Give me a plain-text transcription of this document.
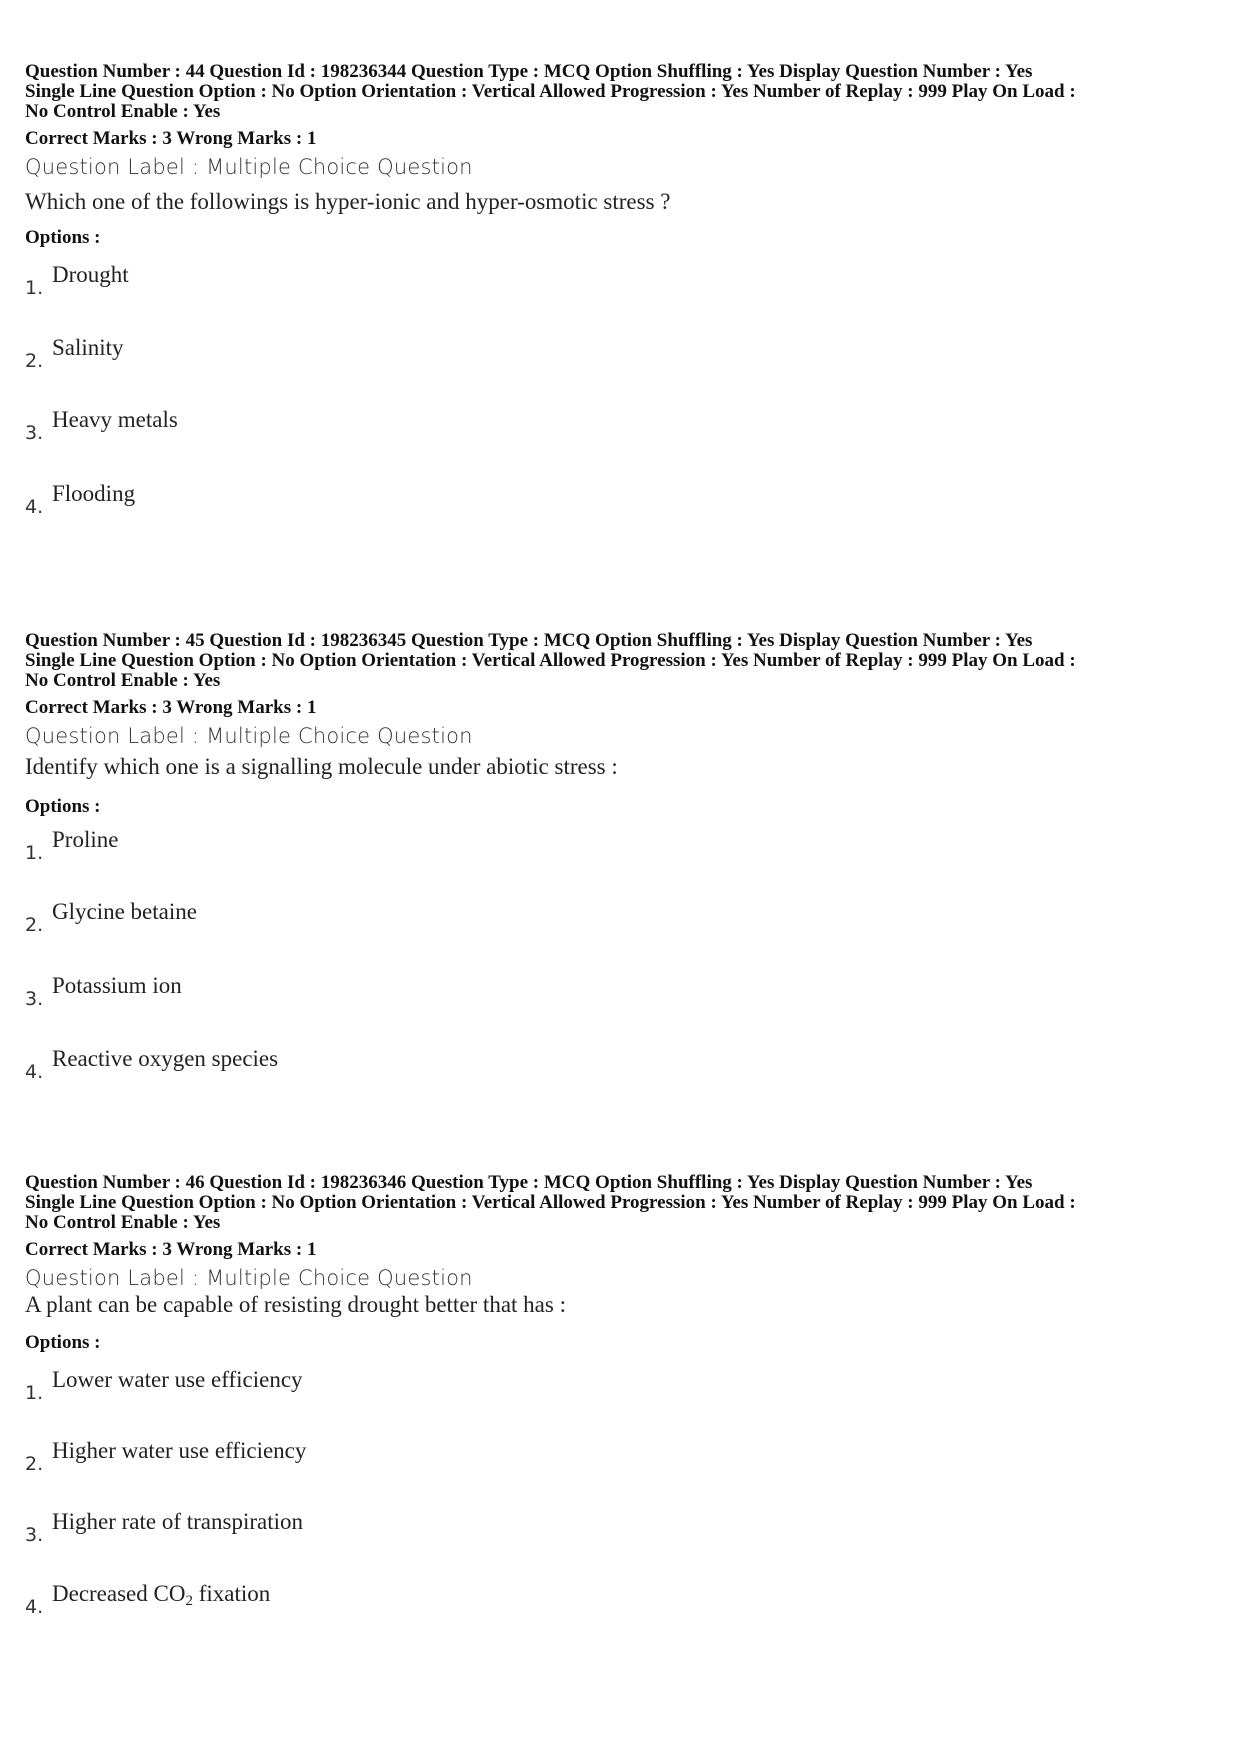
Question Number : 44 Question Id : 198236344 Question Type : MCQ Option Shuffling : Yes Display Question Number : Yes
Single Line Question Option : No Option Orientation : Vertical Allowed Progression : Yes Number of Replay : 999 Play On Load :
No Control Enable : Yes
Correct Marks : 3 Wrong Marks : 1
Question Label : Multiple Choice Question
Which one of the followings is hyper-ionic and hyper-osmotic stress ?
Options :
1.
Drought
2.
Salinity
3.
Heavy metals
4.
Flooding
Question Number : 45 Question Id : 198236345 Question Type : MCQ Option Shuffling : Yes Display Question Number : Yes
Single Line Question Option : No Option Orientation : Vertical Allowed Progression : Yes Number of Replay : 999 Play On Load :
No Control Enable : Yes
Correct Marks : 3 Wrong Marks : 1
Question Label : Multiple Choice Question
Identify which one is a signalling molecule under abiotic stress :
Options :
1.
Proline
2.
Glycine betaine
3.
Potassium ion
4.
Reactive oxygen species
Question Number : 46 Question Id : 198236346 Question Type : MCQ Option Shuffling : Yes Display Question Number : Yes
Single Line Question Option : No Option Orientation : Vertical Allowed Progression : Yes Number of Replay : 999 Play On Load :
No Control Enable : Yes
Correct Marks : 3 Wrong Marks : 1
Question Label : Multiple Choice Question
A plant can be capable of resisting drought better that has :
Options :
1.
Lower water use efficiency
2.
Higher water use efficiency
3.
Higher rate of transpiration
4.
Decreased $CO_2$ fixation
